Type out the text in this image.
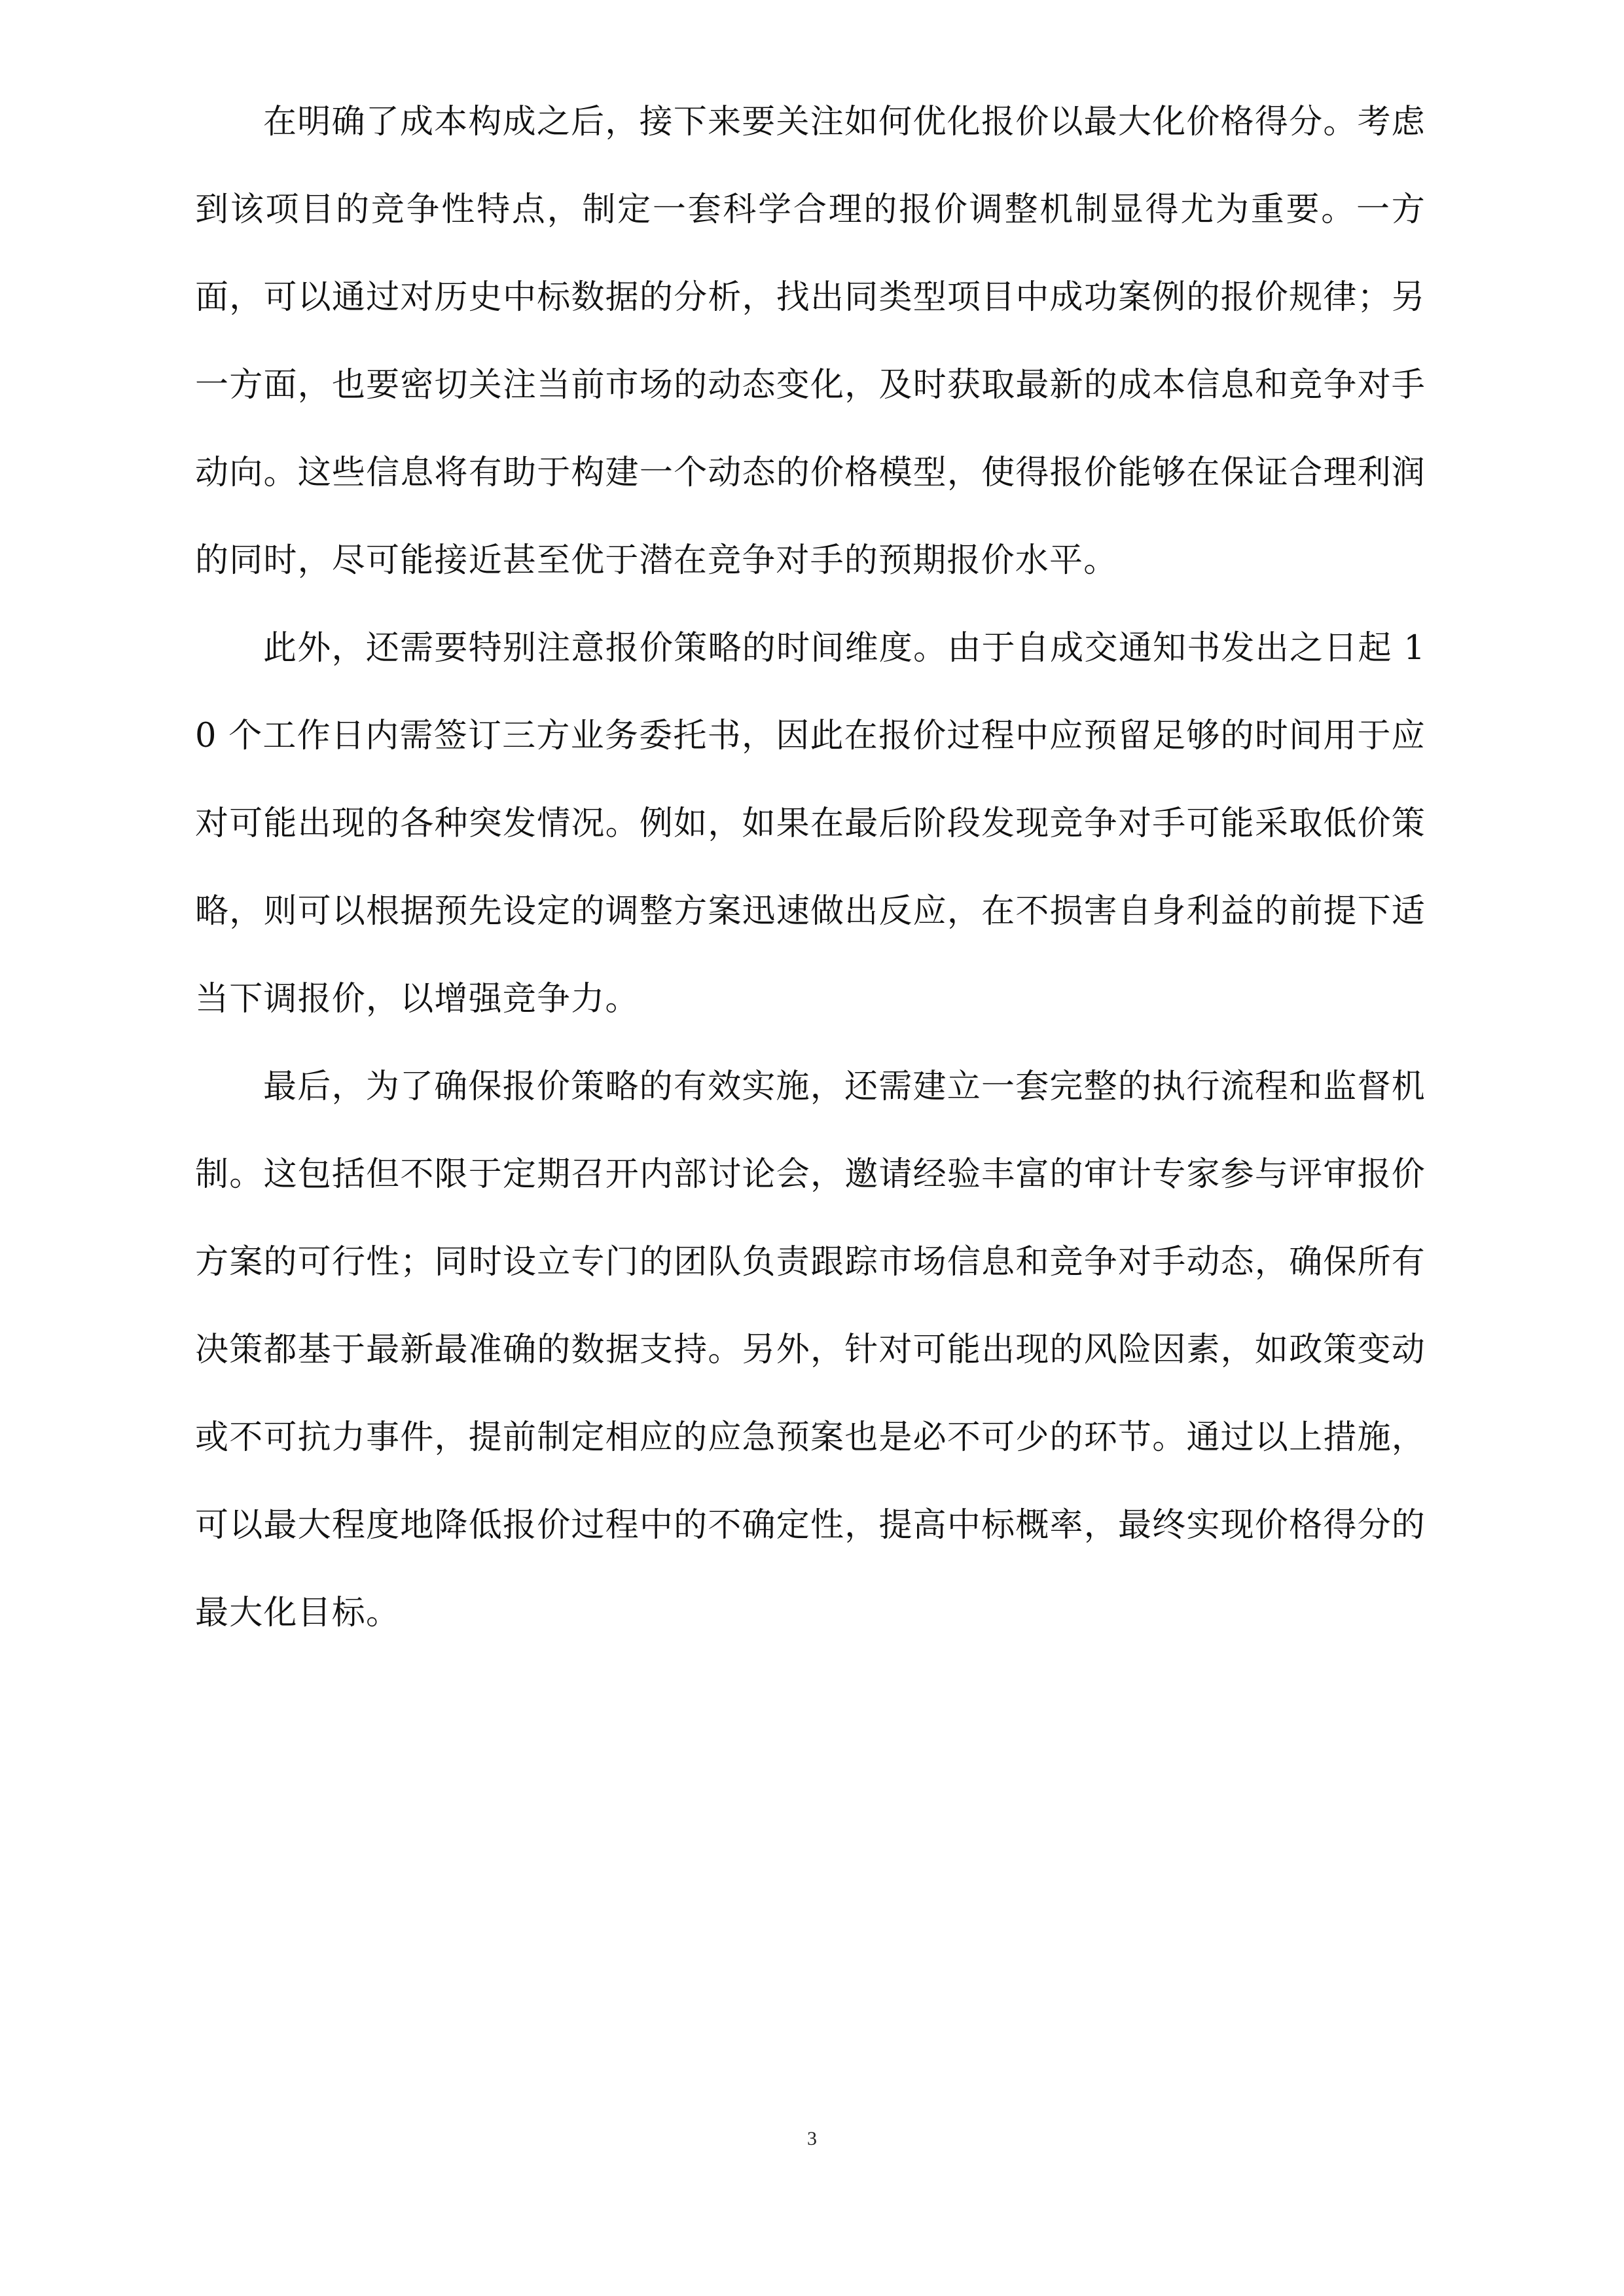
在明确了成本构成之后，接下来要关注如何优化报价以最大化价格得分。考虑到该项目的竞争性特点，制定一套科学合理的报价调整机制显得尤为重要。一方面，可以通过对历史中标数据的分析，找出同类型项目中成功案例的报价规律；另一方面，也要密切关注当前市场的动态变化，及时获取最新的成本信息和竞争对手动向。这些信息将有助于构建一个动态的价格模型，使得报价能够在保证合理利润的同时，尽可能接近甚至优于潜在竞争对手的预期报价水平。

此外，还需要特别注意报价策略的时间维度。由于自成交通知书发出之日起 10 个工作日内需签订三方业务委托书，因此在报价过程中应预留足够的时间用于应对可能出现的各种突发情况。例如，如果在最后阶段发现竞争对手可能采取低价策略，则可以根据预先设定的调整方案迅速做出反应，在不损害自身利益的前提下适当下调报价，以增强竞争力。

最后，为了确保报价策略的有效实施，还需建立一套完整的执行流程和监督机制。这包括但不限于定期召开内部讨论会，邀请经验丰富的审计专家参与评审报价方案的可行性；同时设立专门的团队负责跟踪市场信息和竞争对手动态，确保所有决策都基于最新最准确的数据支持。另外，针对可能出现的风险因素，如政策变动或不可抗力事件，提前制定相应的应急预案也是必不可少的环节。通过以上措施，可以最大程度地降低报价过程中的不确定性，提高中标概率，最终实现价格得分的最大化目标。

3
